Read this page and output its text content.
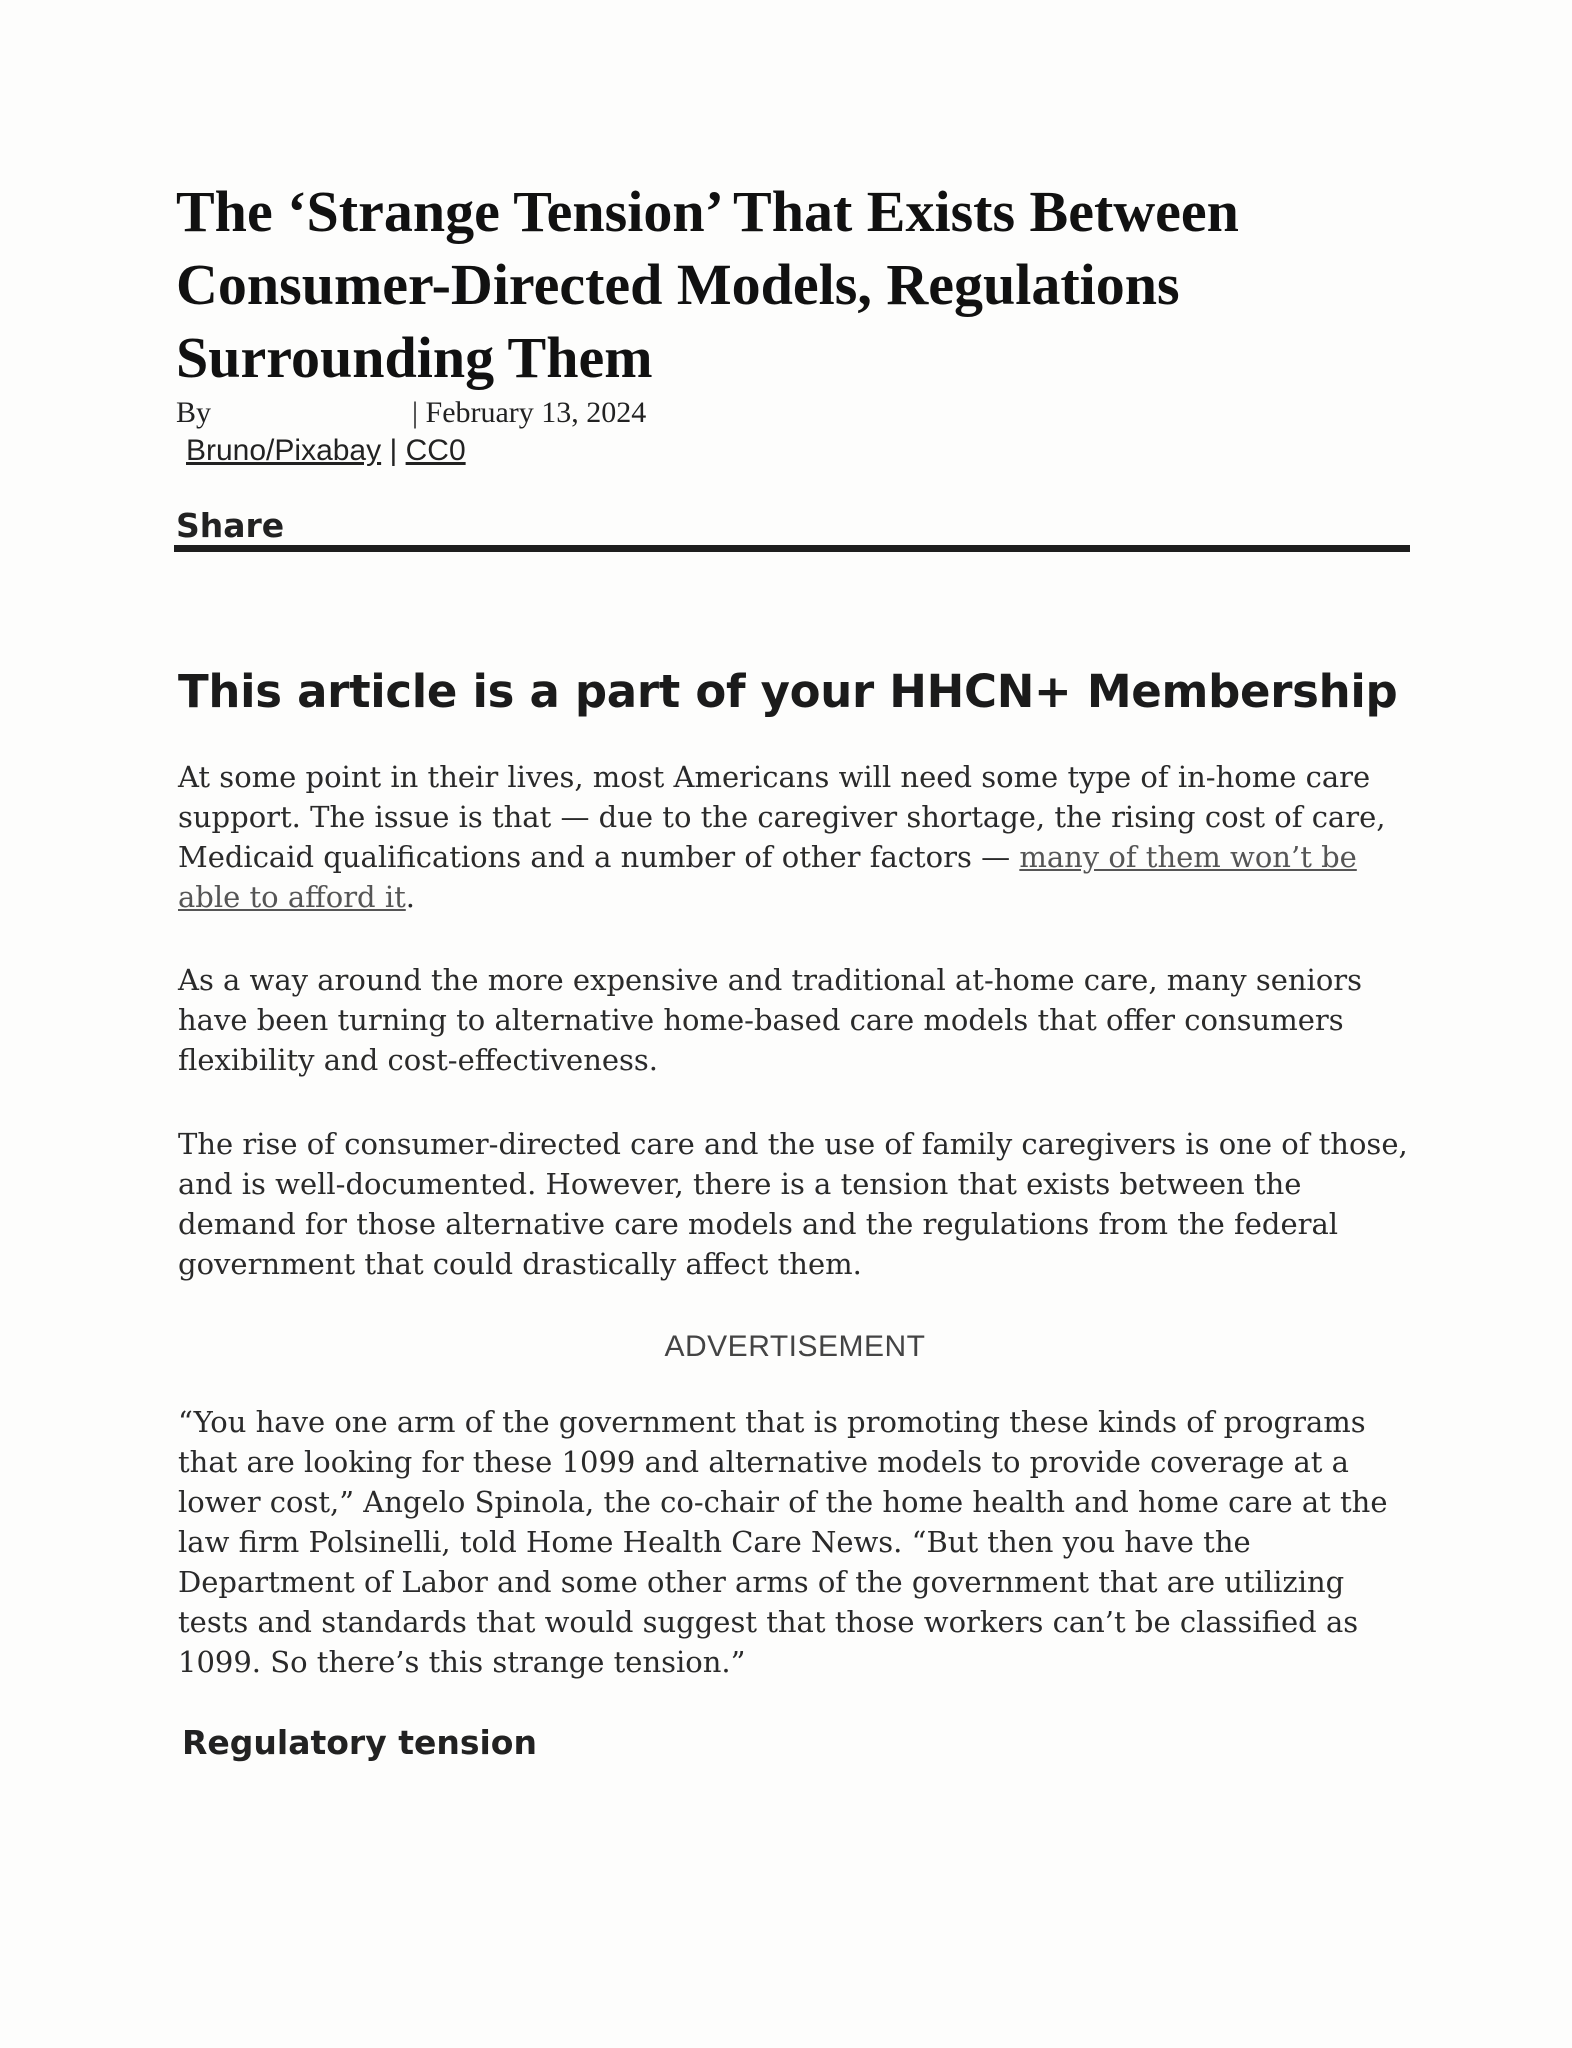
The ‘Strange Tension’ That Exists Between Consumer-Directed Models, Regulations Surrounding Them
By	| February 13, 2024
Bruno/Pixabay | CC0
Share
This article is a part of your HHCN+ Membership

At some point in their lives, most Americans will need some type of in-home care support. The issue is that — due to the caregiver shortage, the rising cost of care, Medicaid qualifications and a number of other factors — many of them won’t be able to afford it.

As a way around the more expensive and traditional at-home care, many seniors have been turning to alternative home-based care models that offer consumers flexibility and cost-effectiveness.

The rise of consumer-directed care and the use of family caregivers is one of those, and is well-documented. However, there is a tension that exists between the demand for those alternative care models and the regulations from the federal government that could drastically affect them.

ADVERTISEMENT

“You have one arm of the government that is promoting these kinds of programs that are looking for these 1099 and alternative models to provide coverage at a lower cost,” Angelo Spinola, the co-chair of the home health and home care at the law firm Polsinelli, told Home Health Care News. “But then you have the Department of Labor and some other arms of the government that are utilizing tests and standards that would suggest that those workers can’t be classified as 1099. So there’s this strange tension.”

Regulatory tension
